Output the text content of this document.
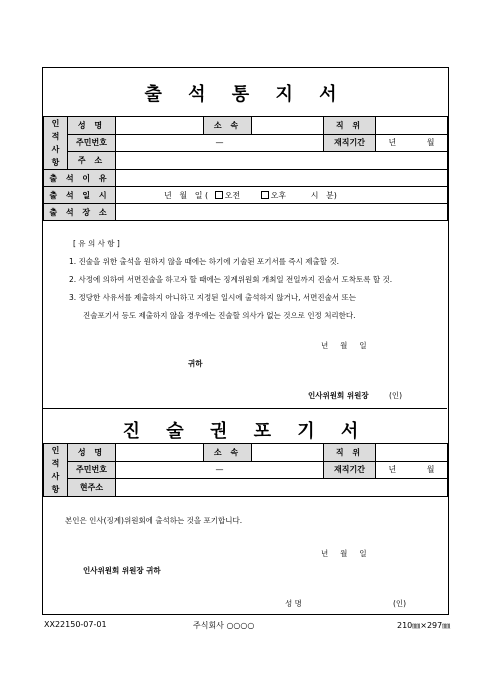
출 석 통 지 서
인
적
사
항	성 명		소 속		직 위	
	주민번호	—			재직기간	년 월
	주 소					
출 석 이 유						
출 석 일 시		년   월   일 ( 오전 오후 시   분)				
출 석 장 소						
[ 유 의 사 항 ]
1. 진술을 위한 출석을 원하지 않을 때에는 하기에 기술된 포기서를 즉시 제출할 것.
2. 사정에 의하여 서면진술을 하고자 할 때에는 징계위원회 개최일 전일까지 진술서 도착토록 할 것.
3. 정당한 사유서를 제출하지 아니하고 지정된 일시에 출석하지 않거나, 서면진술서 또는
진술포기서 등도 제출하지 않을 경우에는 진술할 의사가 없는 것으로 인정 처리한다.
년     월     일
귀하
인사위원회 위원장	(인)
진 술 권 포 기 서
인
적
사
항	성 명		소 속		직 위	
	주민번호	—			재직기간	년 월
	현주소					
본인은 인사(징계)위원회에 출석하는 것을 포기합니다.
년     월     일
인사위원회 위원장 귀하
성 명	(인)
XX22150-07-01	주식회사 ○○○○	210㎜×297㎜
